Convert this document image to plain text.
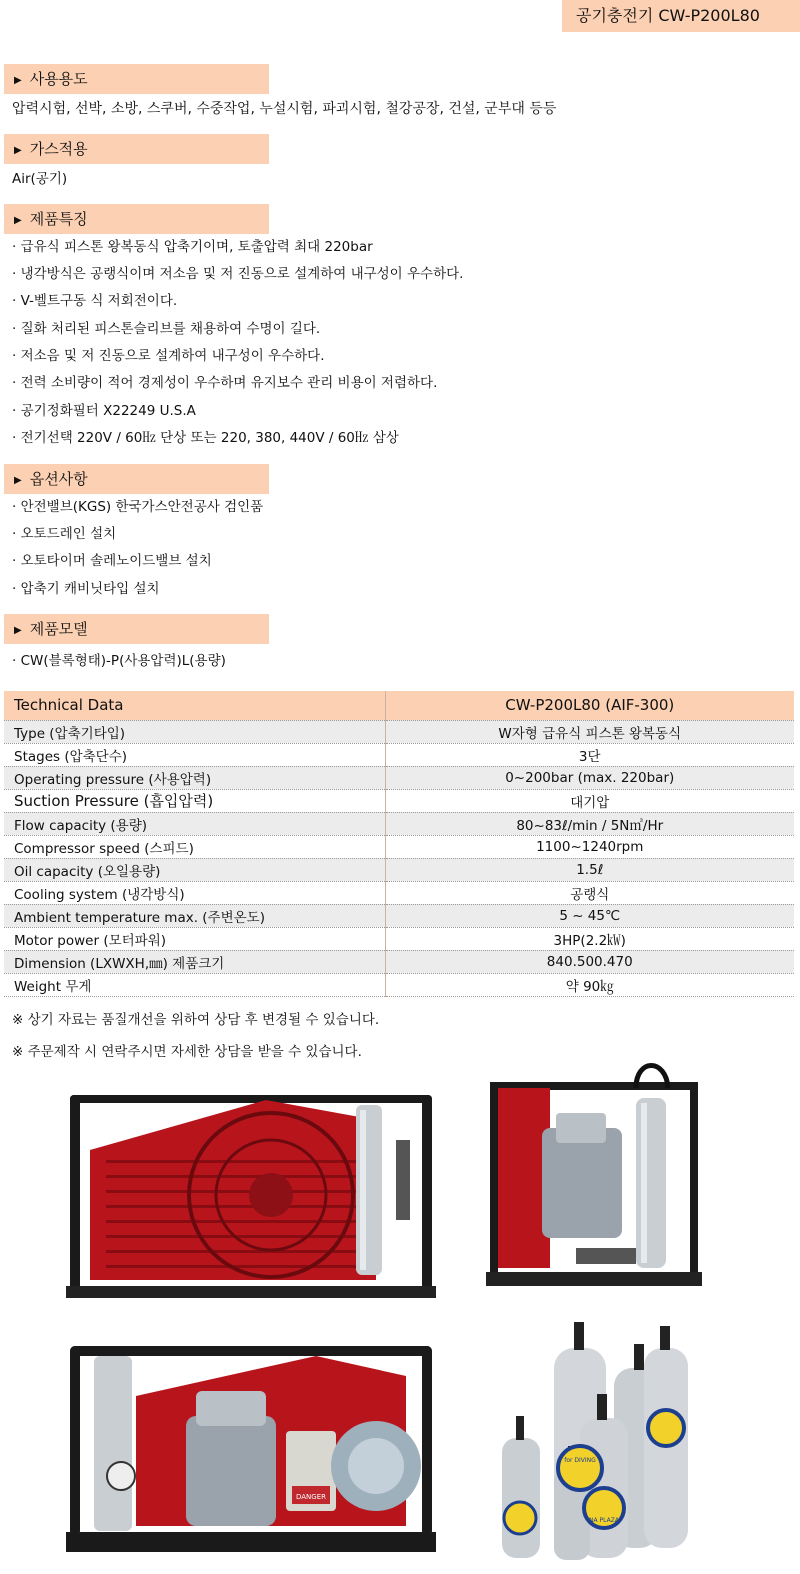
공기충전기 CW-P200L80
▶ 사용용도
압력시험, 선박, 소방, 스쿠버, 수중작업, 누설시험, 파괴시험, 철강공장, 건설, 군부대 등등
▶ 가스적용
Air(공기)
▶ 제품특징
· 급유식 피스톤 왕복동식 압축기이며, 토출압력 최대 220bar
· 냉각방식은 공랭식이며 저소음 및 저 진동으로 설계하여 내구성이 우수하다.
· V-벨트구동 식 저회전이다.
· 질화 처리된 피스톤슬리브를 채용하여 수명이 길다.
· 저소음 및 저 진동으로 설계하여 내구성이 우수하다.
· 전력 소비량이 적어 경제성이 우수하며 유지보수 관리 비용이 저렴하다.
· 공기정화필터 X22249 U.S.A
· 전기선택 220V / 60㎐ 단상 또는 220, 380, 440V / 60㎐ 삼상
▶ 옵션사항
· 안전밸브(KGS) 한국가스안전공사 검인품
· 오토드레인 설치
· 오토타이머 솔레노이드밸브 설치
· 압축기 캐비닛타입 설치
▶ 제품모델
· CW(블록형태)-P(사용압력)L(용량)
Technical Data	CW-P200L80 (AIF-300)
Type (압축기타입)	W자형 급유식 피스톤 왕복동식
Stages (압축단수)	3단
Operating pressure (사용압력)	0~200bar (max. 220bar)
Suction Pressure (흡입압력)	대기압
Flow capacity (용량)	80~83ℓ/min / 5N㎥/Hr
Compressor speed (스피드)	1100~1240rpm
Oil capacity (오일용량)	1.5ℓ
Cooling system (냉각방식)	공랭식
Ambient temperature max. (주변온도)	5 ~ 45℃
Motor power (모터파워)	3HP(2.2㎾)
Dimension (LXWXH,㎜) 제품크기	840.500.470
Weight 무게	약 90㎏
※ 상기 자료는 품질개선을 위하여 상담 후 변경될 수 있습니다.
※ 주문제작 시 연락주시면 자세한 상담을 받을 수 있습니다.
DANGER
for DIVING
NA PLAZA
